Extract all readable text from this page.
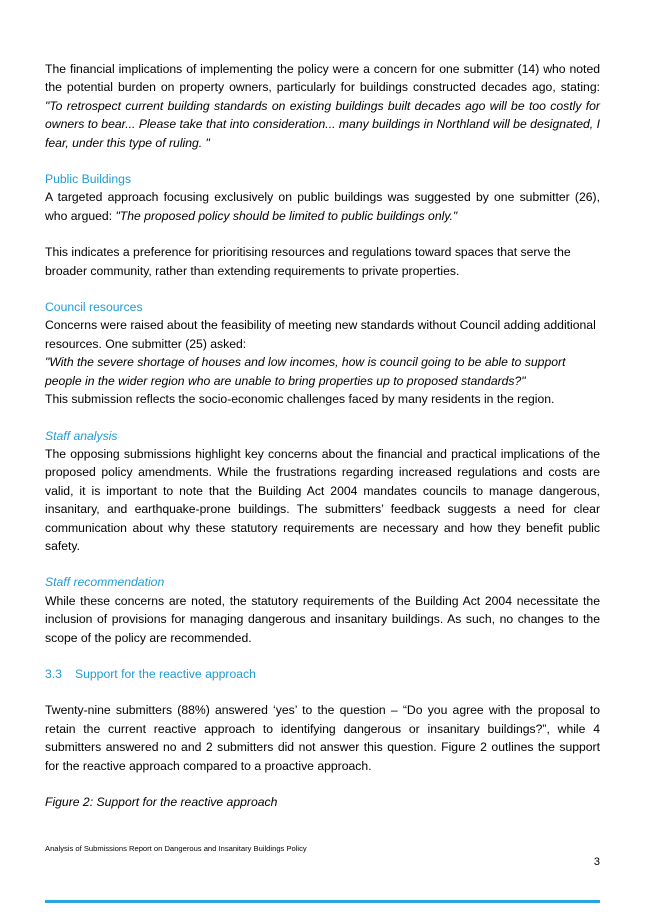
The financial implications of implementing the policy were a concern for one submitter (14) who noted the potential burden on property owners, particularly for buildings constructed decades ago, stating: "To retrospect current building standards on existing buildings built decades ago will be too costly for owners to bear... Please take that into consideration... many buildings in Northland will be designated, I fear, under this type of ruling. "

Public Buildings

A targeted approach focusing exclusively on public buildings was suggested by one submitter (26), who argued: "The proposed policy should be limited to public buildings only."

This indicates a preference for prioritising resources and regulations toward spaces that serve the broader community, rather than extending requirements to private properties.

Council resources

Concerns were raised about the feasibility of meeting new standards without Council adding additional resources. One submitter (25) asked:

"With the severe shortage of houses and low incomes, how is council going to be able to support people in the wider region who are unable to bring properties up to proposed standards?"

This submission reflects the socio-economic challenges faced by many residents in the region.

Staff analysis

The opposing submissions highlight key concerns about the financial and practical implications of the proposed policy amendments. While the frustrations regarding increased regulations and costs are valid, it is important to note that the Building Act 2004 mandates councils to manage dangerous, insanitary, and earthquake-prone buildings. The submitters’ feedback suggests a need for clear communication about why these statutory requirements are necessary and how they benefit public safety.

Staff recommendation

While these concerns are noted, the statutory requirements of the Building Act 2004 necessitate the inclusion of provisions for managing dangerous and insanitary buildings. As such, no changes to the scope of the policy are recommended.

3.3 Support for the reactive approach

Twenty-nine submitters (88%) answered ‘yes’ to the question – “Do you agree with the proposal to retain the current reactive approach to identifying dangerous or insanitary buildings?”, while 4 submitters answered no and 2 submitters did not answer this question. Figure 2 outlines the support for the reactive approach compared to a proactive approach.

Figure 2: Support for the reactive approach

Analysis of Submissions Report on Dangerous and Insanitary Buildings Policy
3
